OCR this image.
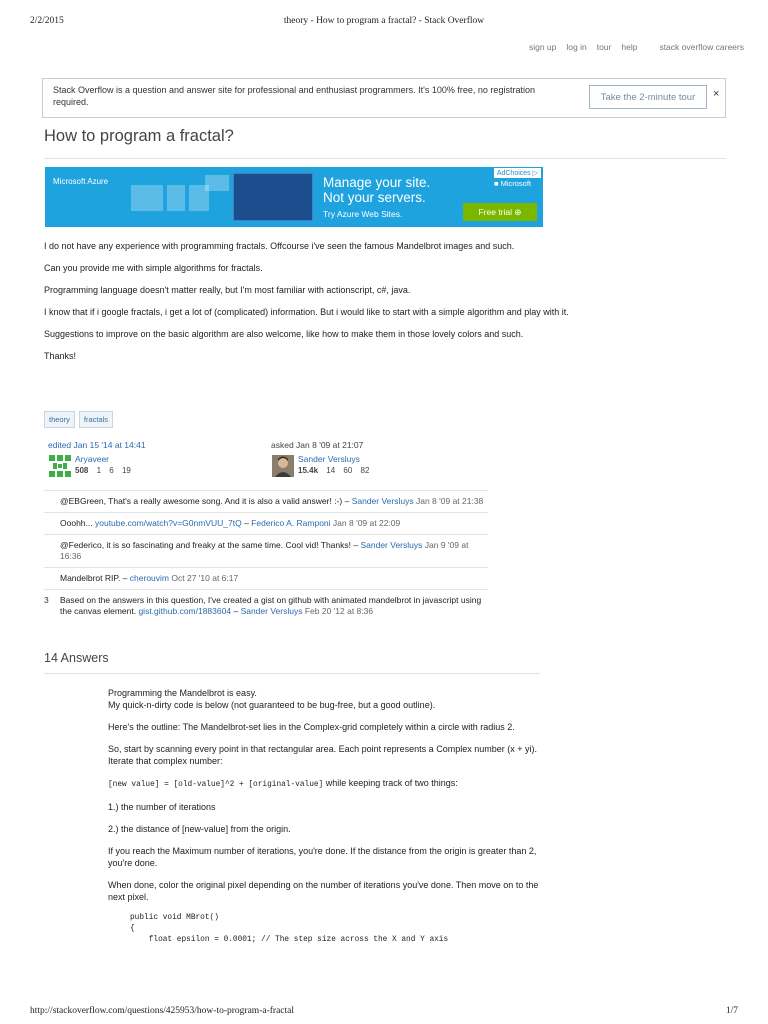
2/2/2015	theory - How to program a fractal? - Stack Overflow
sign up log in tour help	stack overflow careers
Stack Overflow is a question and answer site for professional and enthusiast programmers. It's 100% free, no registration required.	Take the 2-minute tour	×
How to program a fractal?
Microsoft Azure	Manage your site.
Not your servers.
Try Azure Web Sites.
AdChoices ▷
■ Microsoft
Free trial ⊕

I do not have any experience with programming fractals. Offcourse i've seen the famous Mandelbrot images and such.

Can you provide me with simple algorithms for fractals.

Programming language doesn't matter really, but I'm most familiar with actionscript, c#, java.

I know that if i google fractals, i get a lot of (complicated) information. But i would like to start with a simple algorithm and play with it.

Suggestions to improve on the basic algorithm are also welcome, like how to make them in those lovely colors and such.

Thanks!

theory	fractals
edited Jan 15 '14 at 14:41
Aryaveer
508 1 6 19
asked Jan 8 '09 at 21:07
Sander Versluys
15.4k 14 60 82
@EBGreen, That's a really awesome song. And it is also a valid answer! :-) – Sander Versluys Jan 8 '09 at 21:38
Ooohh... youtube.com/watch?v=G0nmVUU_7tQ – Federico A. Ramponi Jan 8 '09 at 22:09
@Federico, it is so fascinating and freaky at the same time. Cool vid! Thanks! – Sander Versluys Jan 9 '09 at 16:36
Mandelbrot RIP. – cherouvim Oct 27 '10 at 6:17
3 Based on the answers in this question, I've created a gist on github with animated mandelbrot in javascript using the canvas element. gist.github.com/1883604 – Sander Versluys Feb 20 '12 at 8:36
14 Answers

Programming the Mandelbrot is easy.
My quick-n-dirty code is below (not guaranteed to be bug-free, but a good outline).

Here's the outline: The Mandelbrot-set lies in the Complex-grid completely within a circle with radius 2.

So, start by scanning every point in that rectangular area. Each point represents a Complex number (x + yi). Iterate that complex number:

[new value] = [old-value]^2 + [original-value] while keeping track of two things:

1.) the number of iterations

2.) the distance of [new-value] from the origin.

If you reach the Maximum number of iterations, you're done. If the distance from the origin is greater than 2, you're done.

When done, color the original pixel depending on the number of iterations you've done. Then move on to the next pixel.

public void MBrot()
{
float epsilon = 0.0001; // The step size across the X and Y axis
http://stackoverflow.com/questions/425953/how-to-program-a-fractal	1/7
